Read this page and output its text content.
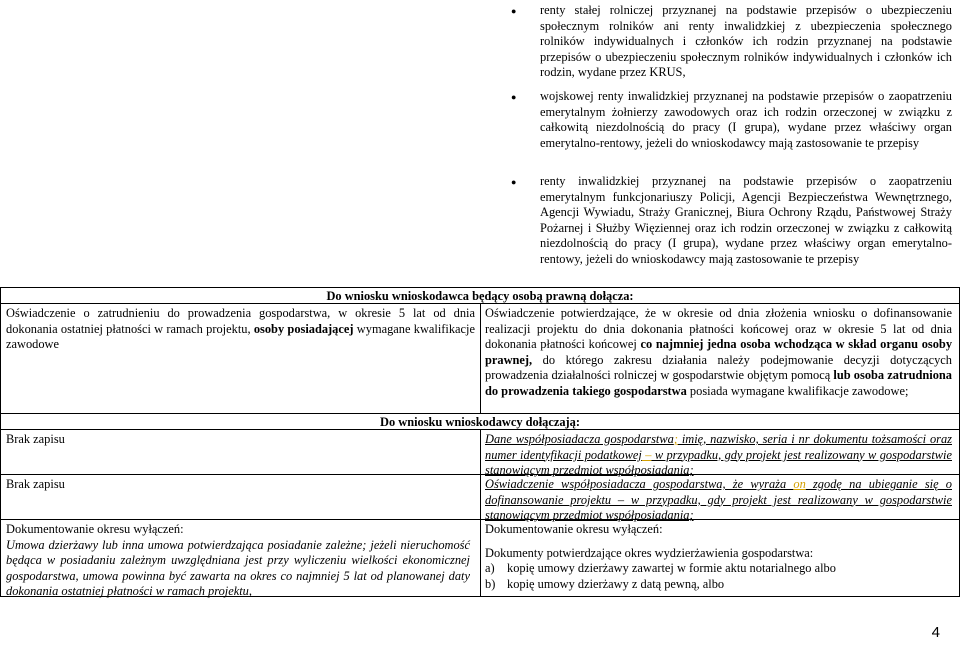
● renty stałej rolniczej przyznanej na podstawie przepisów o ubezpieczeniu społecznym rolników ani renty inwalidzkiej z ubezpieczenia społecznego rolników indywidualnych i członków ich rodzin przyznanej na podstawie przepisów o ubezpieczeniu społecznym rolników indywidualnych i członków ich rodzin, wydane przez KRUS,
● wojskowej renty inwalidzkiej przyznanej na podstawie przepisów o zaopatrzeniu emerytalnym żołnierzy zawodowych oraz ich rodzin orzeczonej w związku z całkowitą niezdolnością do pracy (I grupa), wydane przez właściwy organ emerytalno-rentowy, jeżeli do wnioskodawcy mają zastosowanie te przepisy
● renty inwalidzkiej przyznanej na podstawie przepisów o zaopatrzeniu emerytalnym funkcjonariuszy Policji, Agencji Bezpieczeństwa Wewnętrznego, Agencji Wywiadu, Straży Granicznej, Biura Ochrony Rządu, Państwowej Straży Pożarnej i Służby Więziennej oraz ich rodzin orzeczonej w związku z całkowitą niezdolnością do pracy (I grupa), wydane przez właściwy organ emerytalno-rentowy, jeżeli do wnioskodawcy mają zastosowanie te przepisy
Do wniosku wnioskodawca będący osobą prawną dołącza:
Oświadczenie o zatrudnieniu do prowadzenia gospodarstwa, w okresie 5 lat od dnia dokonania ostatniej płatności w ramach projektu, osoby posiadającej wymagane kwalifikacje zawodowe
Oświadczenie potwierdzające, że w okresie od dnia złożenia wniosku o dofinansowanie realizacji projektu do dnia dokonania płatności końcowej oraz w okresie 5 lat od dnia dokonania płatności końcowej co najmniej jedna osoba wchodząca w skład organu osoby prawnej, do którego zakresu działania należy podejmowanie decyzji dotyczących prowadzenia działalności rolniczej w gospodarstwie objętym pomocą lub osoba zatrudniona do prowadzenia takiego gospodarstwa posiada wymagane kwalifikacje zawodowe;
Do wniosku wnioskodawcy dołączają:
Brak zapisu	Dane współposiadacza gospodarstwa; imię, nazwisko, seria i nr dokumentu tożsamości oraz numer identyfikacji podatkowej – w przypadku, gdy projekt jest realizowany w gospodarstwie stanowiącym przedmiot współposiadania;
Brak zapisu	Oświadczenie współposiadacza gospodarstwa, że wyraża on zgodę na ubieganie się o dofinansowanie projektu – w przypadku, gdy projekt jest realizowany w gospodarstwie stanowiącym przedmiot współposiadania;
Dokumentowanie okresu wyłączeń:
Umowa dzierżawy lub inna umowa potwierdzająca posiadanie zależne; jeżeli nieruchomość będąca w posiadaniu zależnym uwzględniana jest przy wyliczeniu wielkości ekonomicznej gospodarstwa, umowa powinna być zawarta na okres co najmniej 5 lat od planowanej daty dokonania ostatniej płatności w ramach projektu,
Dokumentowanie okresu wyłączeń:
Dokumenty potwierdzające okres wydzierżawienia gospodarstwa:
a) kopię umowy dzierżawy zawartej w formie aktu notarialnego albo
b) kopię umowy dzierżawy z datą pewną, albo
4
